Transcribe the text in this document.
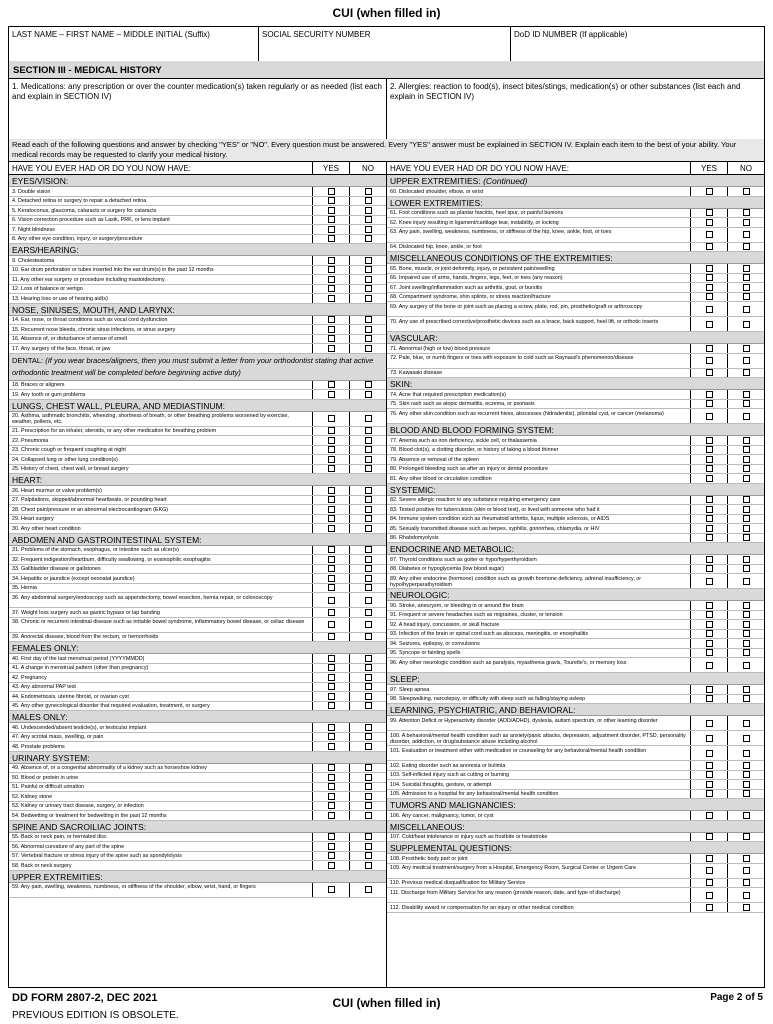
CUI (when filled in)
LAST NAME – FIRST NAME – MIDDLE INITIAL (Suffix)	SOCIAL SECURITY NUMBER	DoD ID NUMBER (If applicable)
SECTION III - MEDICAL HISTORY
1. Medications: any prescription or over the counter medication(s) taken regularly or as needed (list each and explain in SECTION IV)
2. Allergies: reaction to food(s), insect bites/stings, medication(s) or other substances (list each and explain in SECTION IV)
Read each of the following questions and answer by checking "YES" or "NO". Every question must be answered. Every "YES" answer must be explained in SECTION IV. Explain each item to the best of your ability. Your medical records may be requested to clarify your medical history.
HAVE YOU EVER HAD OR DO YOU NOW HAVE:	YES	NO
EYES/VISION:
3. Double vision
4. Detached retina or surgery to repair a detached retina
5. Keratoconus, glaucoma, cataracts or surgery for cataracts
6. Vision correction procedure such as Lasik, PRK, or lens implant
7. Night blindness
8. Any other eye condition, injury, or surgery/procedure
EARS/HEARING:
9. Cholesteatoma
10. Ear drum perforation or tubes inserted into the ear drum(s) in the past 12 months
11. Any other ear surgery or procedure including mastoidectomy
12. Loss of balance or vertigo
13. Hearing loss or use of hearing aid(s)
NOSE, SINUSES, MOUTH, AND LARYNX:
14. Ear, nose, or throat conditions such as vocal cord dysfunction
15. Recurrent nose bleeds, chronic sinus infections, or sinus surgery
16. Absence of, or disturbance of sense of smell
17. Any surgery of the face, throat, or jaw
DENTAL: (If you wear braces/aligners, then you must submit a letter from your orthodontist stating that active orthodontic treatment will be completed before beginning active duty)
18. Braces or aligners
19. Any tooth or gum problems
LUNGS, CHEST WALL, PLEURA, AND MEDIASTINUM:
20. Asthma, asthmatic bronchitis, wheezing, shortness of breath, or other breathing problems worsened by exercise, weather, pollens, etc.
21. Prescription for an inhaler, steroids, or any other medication for breathing problem
22. Pneumonia
23. Chronic cough or frequent coughing at night
24. Collapsed lung or other lung condition(s)
25. History of chest, chest wall, or breast surgery
HEART:
26. Heart murmur or valve problem(s)
27. Palpitations, skipped/abnormal heartbeats, or pounding heart
28. Chest pain/pressure or an abnormal electrocardiogram (EKG)
29. Heart surgery
30. Any other heart condition
ABDOMEN AND GASTROINTESTINAL SYSTEM:
31. Problems of the stomach, esophagus, or intestine such as ulcer(s)
32. Frequent indigestion/heartburn, difficulty swallowing, or eosinophilic esophagitis
33. Gallbladder disease or gallstones
34. Hepatitis or jaundice (except neonatal jaundice)
35. Hernia
36. Any abdominal surgery/endoscopy such as appendectomy, bowel resection, hernia repair, or colonoscopy
37. Weight loss surgery such as gastric bypass or lap banding
38. Chronic or recurrent intestinal disease such as irritable bowel syndrome, inflammatory bowel disease, or celiac disease
39. Anorectal disease, blood from the rectum, or hemorrhoids
FEMALES ONLY:
40. First day of the last menstrual period (YYYYMMDD)
41. A change in menstrual pattern (other than pregnancy)
42. Pregnancy
43. Any abnormal PAP test
44. Endometriosis, uterine fibroid, or ovarian cyst
45. Any other gynecological disorder that required evaluation, treatment, or surgery
MALES ONLY:
46. Undescended/absent testicle(s), or testicular implant
47. Any scrotal mass, swelling, or pain
48. Prostate problems
URINARY SYSTEM:
49. Absence of, or a congenital abnormality of a kidney such as horseshoe kidney
50. Blood or protein in urine
51. Painful or difficult urination
52. Kidney stone
53. Kidney or urinary tract disease, surgery, or infection
54. Bedwetting or treatment for bedwetting in the past 12 months
SPINE AND SACROILIAC JOINTS:
55. Back or neck pain, or herniated disc
56. Abnormal curvature of any part of the spine
57. Vertebral fracture or stress injury of the spine such as spondylolysis
58. Back or neck surgery
UPPER EXTREMITIES:
59. Any pain, swelling, weakness, numbness, or stiffness of the shoulder, elbow, wrist, hand, or fingers
HAVE YOU EVER HAD OR DO YOU NOW HAVE:	YES	NO
UPPER EXTREMITIES: (Continued)
60. Dislocated shoulder, elbow, or wrist
LOWER EXTREMITIES:
61. Foot conditions such as plantar fasciitis, heel spur, or painful bunions
62. Knee injury resulting in ligament/cartilage tear, instability, or locking
63. Any pain, swelling, weakness, numbness, or stiffness of the hip, knee, ankle, foot, or toes
64. Dislocated hip, knee, ankle, or foot
MISCELLANEOUS CONDITIONS OF THE EXTREMITIES:
65. Bone, muscle, or joint deformity, injury, or persistent pain/swelling
66. Impaired use of arms, hands, fingers, legs, feet, or toes (any reason)
67. Joint swelling/inflammation such as arthritis, gout, or bursitis
68. Compartment syndrome, shin splints, or stress reaction/fracture
69. Any surgery of the bone or joint such as placing a screw, plate, rod, pin, prosthetic/graft or arthroscopy
70. Any use of prescribed corrective/prosthetic devices such as a brace, back support, heel lift, or orthotic inserts
VASCULAR:
71. Abnormal (high or low) blood pressure
72. Pale, blue, or numb fingers or toes with exposure to cold such as Raynaud's phenomenon/disease
73. Kawasaki disease
SKIN:
74. Acne that required prescription medication(s)
75. Skin rash such as atopic dermatitis, eczema, or psoriasis
76. Any other skin condition such as recurrent hives, abscesses (hidradenitis), pilonidal cyst, or cancer (melanoma)
BLOOD AND BLOOD FORMING SYSTEM:
77. Anemia such as iron deficiency, sickle cell, or thalassemia
78. Blood clot(s), a clotting disorder, or history of taking a blood thinner
79. Absence or removal of the spleen
80. Prolonged bleeding such as after an injury or dental procedure
81. Any other blood or circulation condition
SYSTEMIC:
82. Severe allergic reaction to any substance requiring emergency care
83. Tested positive for tuberculosis (skin or blood test), or lived with someone who had it
84. Immune system condition such as rheumatoid arthritis, lupus, multiple sclerosis, or AIDS
85. Sexually transmitted disease such as herpes, syphilis, gonorrhea, chlamydia, or HIV
86. Rhabdomyolysis
ENDOCRINE AND METABOLIC:
87. Thyroid conditions such as goiter or hypo/hyperthyroidism
88. Diabetes or hypoglycemia (low blood sugar)
89. Any other endocrine (hormone) condition such as growth hormone deficiency, adrenal insufficiency, or hypo/hyperparathyroidism
NEUROLOGIC:
90. Stroke, aneurysm, or bleeding in or around the brain
91. Frequent or severe headaches such as migraines, cluster, or tension
92. A head injury, concussion, or skull fracture
93. Infection of the brain or spinal cord such as abscess, meningitis, or encephalitis
94. Seizures, epilepsy, or convulsions
95. Syncope or fainting spells
96. Any other neurologic condition such as paralysis, myasthenia gravis, Tourette's, or memory loss
SLEEP:
97. Sleep apnea
98. Sleepwalking, narcolepsy, or difficulty with sleep such as falling/staying asleep
LEARNING, PSYCHIATRIC, AND BEHAVIORAL:
99. Attention Deficit or Hyperactivity disorder (ADD/ADHD), dyslexia, autism spectrum, or other learning disorder
100. A behavioral/mental health condition such as anxiety/panic attacks, depression, adjustment disorder, PTSD, personality disorder, addiction, or drug/substance abuse including alcohol
101. Evaluation or treatment either with medication or counseling for any behavioral/mental health condition
102. Eating disorder such as anorexia or bulimia
103. Self-inflicted injury such as cutting or burning
104. Suicidal thoughts, gesture, or attempt
105. Admission to a hospital for any behavioral/mental health condition
TUMORS AND MALIGNANCIES:
106. Any cancer, malignancy, tumor, or cyst
MISCELLANEOUS:
107. Cold/heat intolerance or injury such as frostbite or heatstroke
SUPPLEMENTAL QUESTIONS:
108. Prosthetic body part or joint
109. Any medical treatment/surgery from a Hospital, Emergency Room, Surgical Center or Urgent Care
110. Previous medical disqualification for Military Service
111. Discharge from Military Service for any reason (provide reason, date, and type of discharge)
112. Disability award or compensation for an injury or other medical condition
DD FORM 2807-2, DEC 2021
PREVIOUS EDITION IS OBSOLETE.
CUI (when filled in)	Page 2 of 5
